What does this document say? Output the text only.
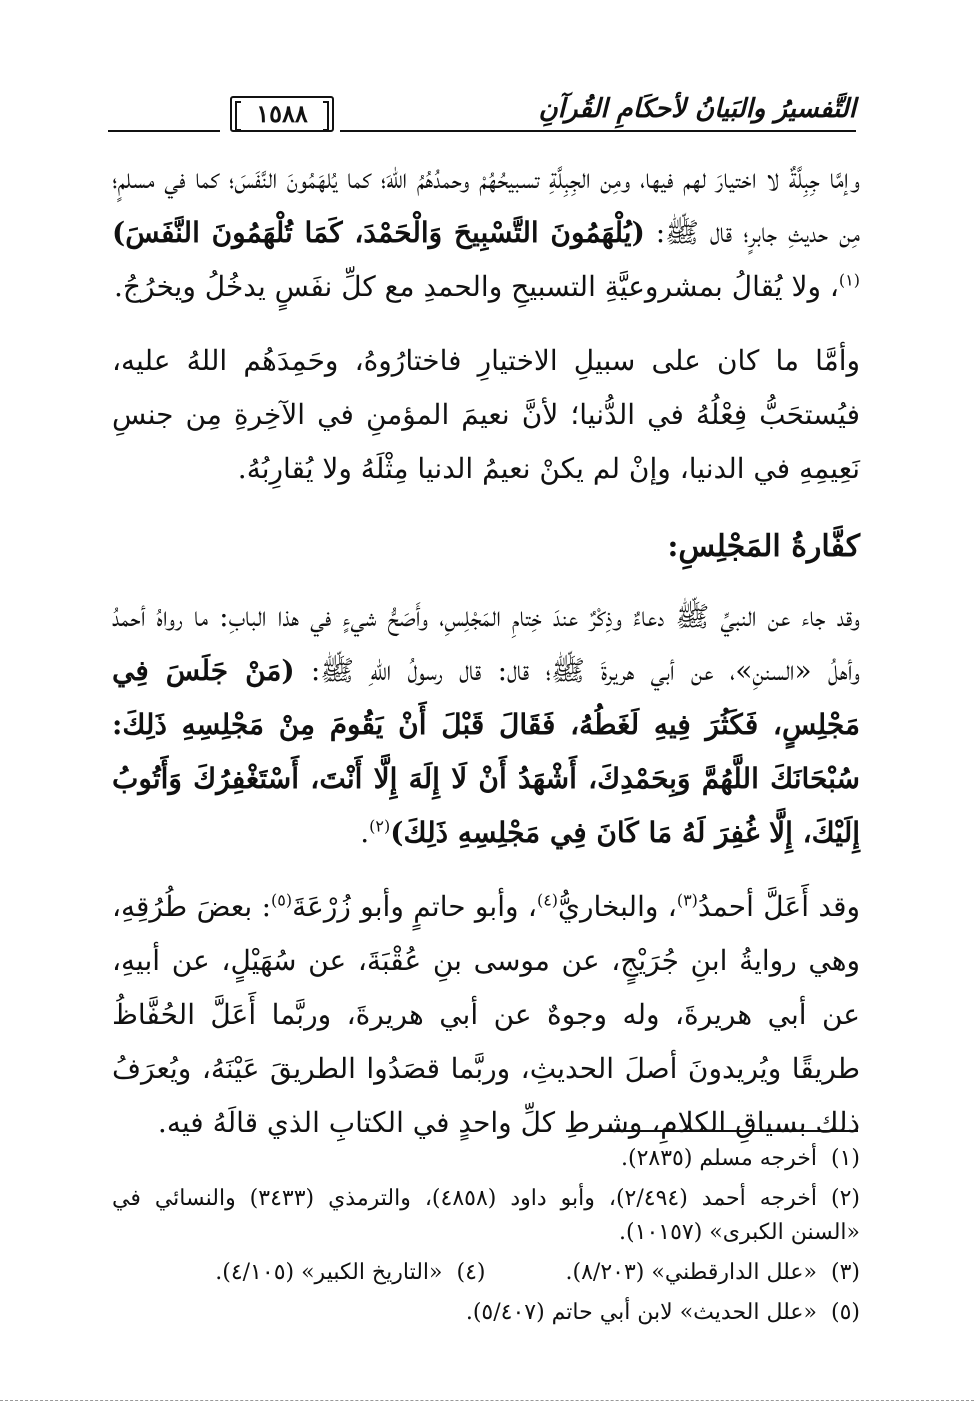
التَّفسيرُ والبَيانُ لأحكَامِ القُرآنِ
١٥٨٨

وإمَّا جِبِلَّةٌ لا اختيارَ لهم فيها، ومِن الجِبِلَّةِ تسبيحُهُمْ وحمدُهُمُ اللهَ؛ كما يُلهَمُونَ النَّفَسَ؛ كما في مسلمٍ؛ مِن حديثِ جابرٍ؛ قال ﷺ: (يُلْهَمُونَ التَّسْبِيحَ وَالْحَمْدَ، كَمَا تُلْهَمُونَ النَّفَسَ)$^{(١)}$، ولا يُقالُ بمشروعيَّةِ التسبيحِ والحمدِ مع كلِّ نفَسٍ يدخُلُ ويخرُجُ.

وأمَّا ما كان على سبيلِ الاختيارِ فاختارُوهُ، وحَمِدَهُم اللهُ عليه، فيُستحَبُّ فِعْلُهُ في الدُّنيا؛ لأنَّ نعيمَ المؤمنِ في الآخِرةِ مِن جنسِ نَعِيمِهِ في الدنيا، وإنْ لم يكنْ نعيمُ الدنيا مِثْلَهُ ولا يُقارِبُهُ.

كفَّارةُ المَجْلِسِ:

وقد جاء عن النبيِّ ﷺ دعاءٌ وذِكْرٌ عندَ خِتامِ المَجْلِسِ، وأَصَحُّ شيءٍ في هذا البابِ: ما رواهُ أحمدُ وأهلُ «السننِ»، عن أبي هريرةَ ﷺ؛ قال: قال رسولُ اللهِ ﷺ: (مَنْ جَلَسَ فِي مَجْلِسٍ، فَكَثُرَ فِيهِ لَغَطُهُ، فَقَالَ قَبْلَ أَنْ يَقُومَ مِنْ مَجْلِسِهِ ذَلِكَ: سُبْحَانَكَ اللَّهُمَّ وَبِحَمْدِكَ، أَشْهَدُ أَنْ لَا إِلَهَ إِلَّا أَنْتَ، أَسْتَغْفِرُكَ وَأَتُوبُ إِلَيْكَ، إِلَّا غُفِرَ لَهُ مَا كَانَ فِي مَجْلِسِهِ ذَلِكَ)$^{(٢)}$.

وقد أَعَلَّ أحمدُ$^{(٣)}$، والبخاريُّ$^{(٤)}$، وأبو حاتمٍ وأبو زُرْعَةَ$^{(٥)}$: بعضَ طُرُقِهِ، وهي روايةُ ابنِ جُرَيْجٍ، عن موسى بنِ عُقْبَةَ، عن سُهَيْلٍ، عن أبيهِ، عن أبي هريرةَ، وله وجوهٌ عن أبي هريرةَ، وربَّما أَعَلَّ الحُفَّاظُ طريقًا ويُريدونَ أصلَ الحديثِ، وربَّما قصَدُوا الطريقَ عَيْنَهُ، ويُعرَفُ ذلك بسياقِ الكلامِ، وشرطِ كلِّ واحدٍ في الكتابِ الذي قالَهُ فيه.

(١)أخرجه مسلم (٢٨٣٥).
(٢)أخرجه أحمد (٢/٤٩٤)، وأبو داود (٤٨٥٨)، والترمذي (٣٤٣٣) والنسائي في «السنن الكبرى» (١٠١٥٧).
(٣)«علل الدارقطني» (٨/٢٠٣).
(٤)«التاريخ الكبير» (٤/١٠٥).
(٥)«علل الحديث» لابن أبي حاتم (٥/٤٠٧).
